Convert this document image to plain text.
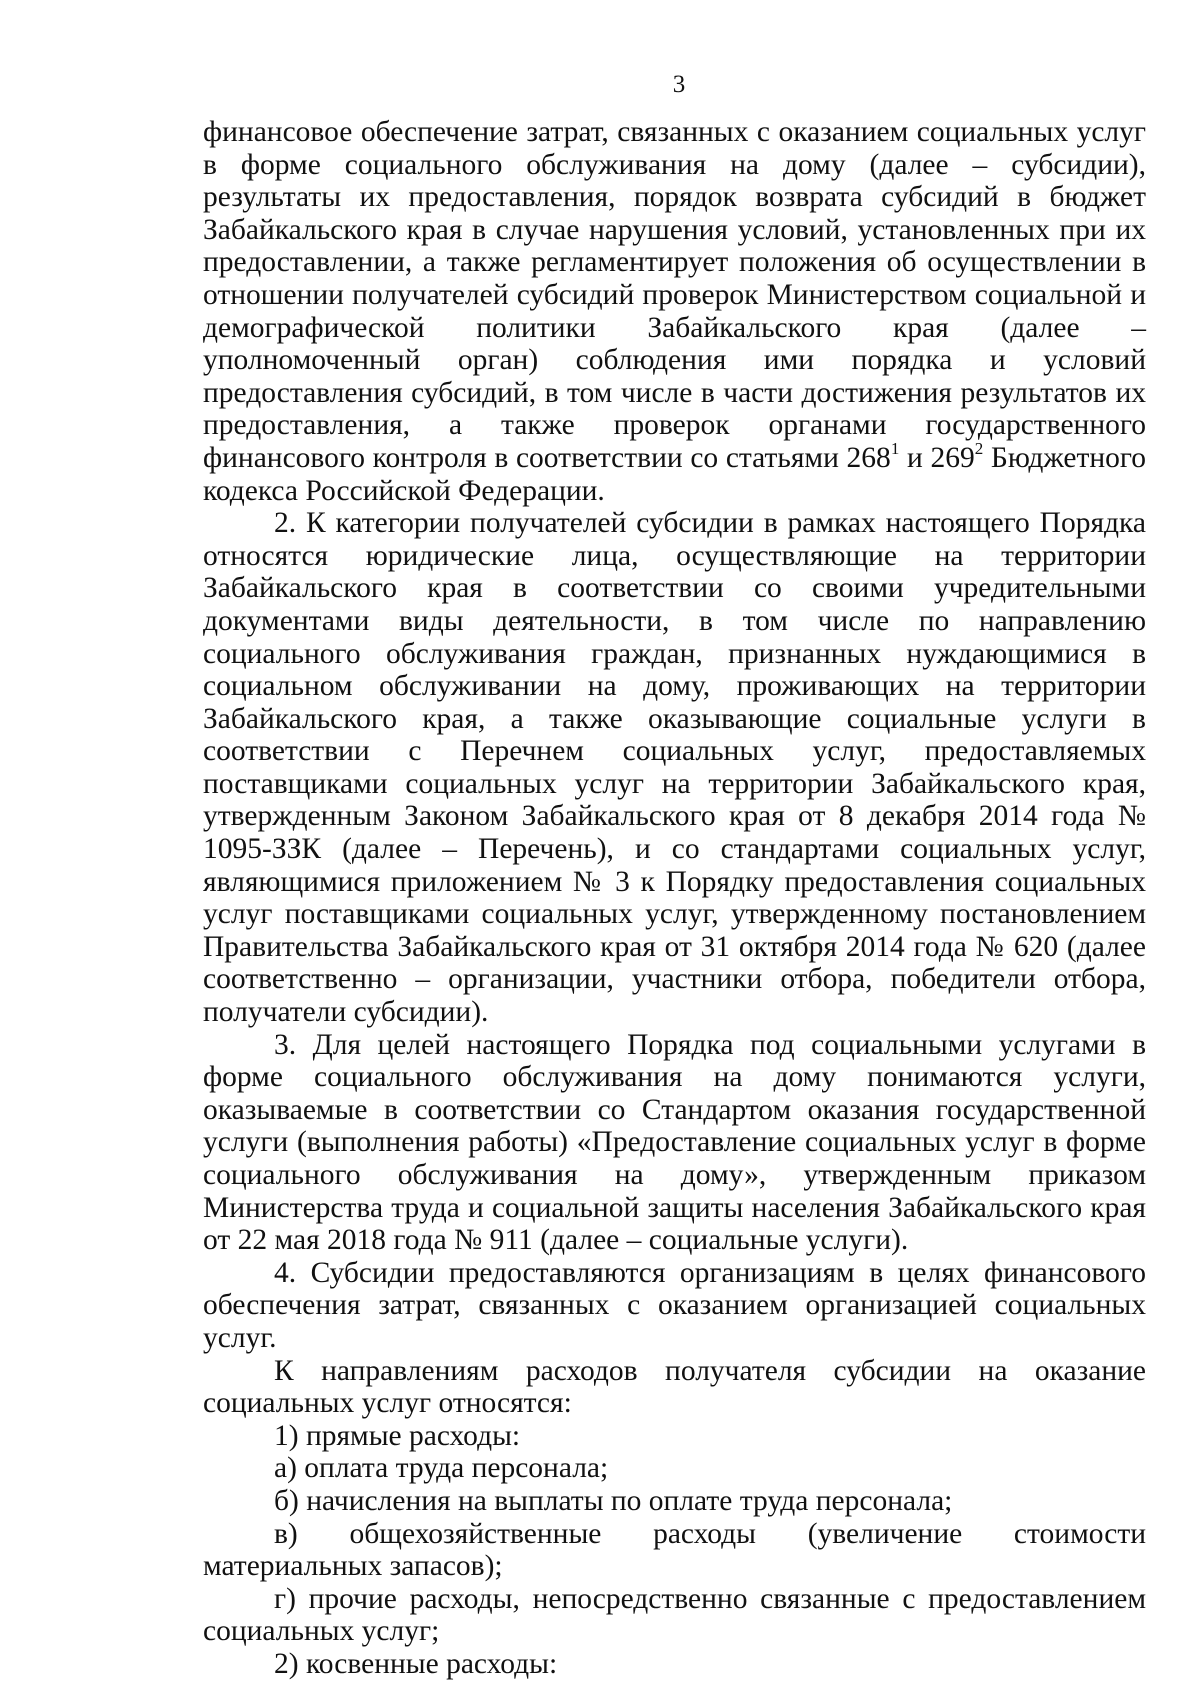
3

финансовое обеспечение затрат, связанных с оказанием социальных услуг в форме социального обслуживания на дому (далее – субсидии), результаты их предоставления, порядок возврата субсидий в бюджет Забайкальского края в случае нарушения условий, установленных при их предоставлении, а также регламентирует положения об осуществлении в отношении получателей субсидий проверок Министерством социальной и демографической политики Забайкальского края (далее – уполномоченный орган) соблюдения ими порядка и условий предоставления субсидий, в том числе в части достижения результатов их предоставления, а также проверок органами государственного финансового контроля в соответствии со статьями $268^1$ и $269^2$ Бюджетного кодекса Российской Федерации.

2. К категории получателей субсидии в рамках настоящего Порядка относятся юридические лица, осуществляющие на территории Забайкальского края в соответствии со своими учредительными документами виды деятельности, в том числе по направлению социального обслуживания граждан, признанных нуждающимися в социальном обслуживании на дому, проживающих на территории Забайкальского края, а также оказывающие социальные услуги в соответствии с Перечнем социальных услуг, предоставляемых поставщиками социальных услуг на территории Забайкальского края, утвержденным Законом Забайкальского края от 8 декабря 2014 года № 1095-ЗЗК (далее – Перечень), и со стандартами социальных услуг, являющимися приложением № 3 к Порядку предоставления социальных услуг поставщиками социальных услуг, утвержденному постановлением Правительства Забайкальского края от 31 октября 2014 года № 620 (далее соответственно – организации, участники отбора, победители отбора, получатели субсидии).

3. Для целей настоящего Порядка под социальными услугами в форме социального обслуживания на дому понимаются услуги, оказываемые в соответствии со Стандартом оказания государственной услуги (выполнения работы) «Предоставление социальных услуг в форме социального обслуживания на дому», утвержденным приказом Министерства труда и социальной защиты населения Забайкальского края от 22 мая 2018 года № 911 (далее – социальные услуги).

4. Субсидии предоставляются организациям в целях финансового обеспечения затрат, связанных с оказанием организацией социальных услуг.

К направлениям расходов получателя субсидии на оказание социальных услуг относятся:

1) прямые расходы:

а) оплата труда персонала;

б) начисления на выплаты по оплате труда персонала;

в) общехозяйственные расходы (увеличение стоимости материальных запасов);

г) прочие расходы, непосредственно связанные с предоставлением социальных услуг;

2) косвенные расходы:
